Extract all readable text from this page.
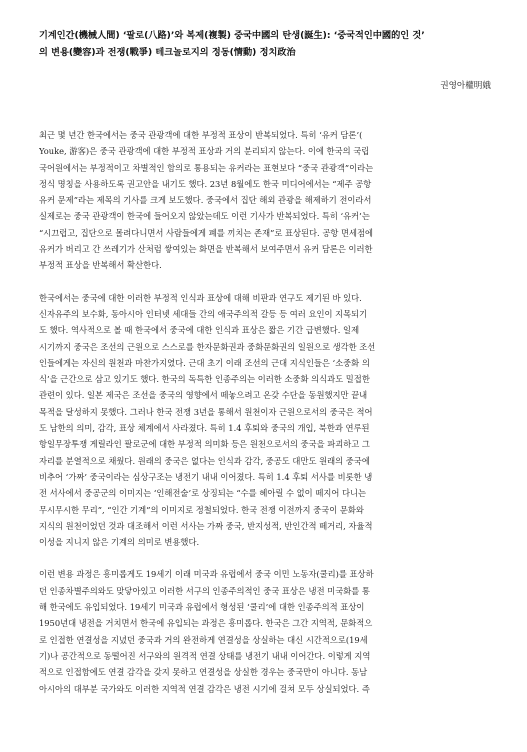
기계인간(機械人間) ‘팔로(八路)’와 복제(複製) 중국中國의 탄생(誕生): ‘중국적인中國的인 것’
의 변용(變容)과 전쟁(戰爭) 테크놀로지의 정동(情動) 정치政治
권영아權明娥

최근 몇 년간 한국에서는 중국 관광객에 대한 부정적 표상이 반복되었다. 특히 ‘유커 담론’(
Youke, 游客)은 중국 관광객에 대한 부정적 표상과 거의 분리되지 않는다. 이에 한국의 국립
국어원에서는 부정적이고 차별적인 함의로 통용되는 유커라는 표현보다 “중국 관광객”이라는
정식 명칭을 사용하도록 권고안을 내기도 했다. 23년 8월에도 한국 미디어에서는 “제주 공항
유커 문제”라는 제목의 기사를 크게 보도했다. 중국에서 집단 해외 관광을 해제하기 전이라서
실제로는 중국 관광객이 한국에 들어오지 않았는데도 이런 기사가 반복되었다. 특히 ‘유커’는
“시끄럽고, 집단으로 몰려다니면서 사람들에게 폐를 끼치는 존재”로 표상된다. 공항 면세점에
유커가 버리고 간 쓰레기가 산처럼 쌓여있는 화면을 반복해서 보여주면서 유커 담론은 이러한
부정적 표상을 반복해서 확산한다.

한국에서는 중국에 대한 이러한 부정적 인식과 표상에 대해 비판과 연구도 제기된 바 있다.
신자유주의 보수화, 동아시아 인터넷 세대들 간의 애국주의적 갈등 등 여러 요인이 지목되기
도 했다. 역사적으로 볼 때 한국에서 중국에 대한 인식과 표상은 짧은 기간 급변했다. 일제
시기까지 중국은 조선의 근원으로 스스로를 한자문화권과 중화문화권의 일원으로 생각한 조선
인들에게는 자신의 원천과 마찬가지였다. 근대 초기 이래 조선의 근대 지식인들은 ‘소중화 의
식’을 근간으로 삼고 있기도 했다. 한국의 독특한 인종주의는 이러한 소중화 의식과도 밀접한
관련이 있다. 일본 제국은 조선을 중국의 영향에서 떼놓으려고 온갖 수단을 동원했지만 끝내
목적을 달성하지 못했다. 그러나 한국 전쟁 3년을 통해서 원천이자 근원으로서의 중국은 적어
도 남한의 의미, 감각, 표상 체계에서 사라졌다. 특히 1.4 후퇴와 중국의 개입, 북한과 연루된
항일무장투쟁 게릴라인 팔로군에 대한 부정적 의미화 등은 원천으로서의 중국을 파괴하고 그
자리를 분열적으로 채웠다. 원래의 중국은 없다는 인식과 감각, 중공도 대만도 원래의 중국에
비추어 ‘가짜’ 중국이라는 심상구조는 냉전기 내내 이어졌다. 특히 1.4 후퇴 서사를 비롯한 냉
전 서사에서 중공군의 이미지는 ‘인해전술’로 상징되는 “수를 헤아릴 수 없이 떼지어 다니는
무시무시한 무리”, “인간 기계”의 이미지로 정철되었다. 한국 전쟁 이전까지 중국이 문화와
지식의 원천이었던 것과 대조해서 이런 서사는 가짜 중국, 반지성적, 반인간적 떼거리, 자율적
이성을 지니지 않은 기계의 의미로 변용했다.

이런 변용 과정은 흥미롭게도 19세기 이래 미국과 유럽에서 중국 이민 노동자(쿨리)를 표상하
던 인종차별주의와도 맞닿아있고 이러한 서구의 인종주의적인 중국 표상은 냉전 미국화를 통
해 한국에도 유입되었다. 19세기 미국과 유럽에서 형성된 ‘쿨리’에 대한 인종주의적 표상이
1950년대 냉전을 거치면서 한국에 유입되는 과정은 흥미롭다. 한국은 그간 지역적, 문화적으
로 인접한 연결성을 지녔던 중국과 거의 완전하게 연결성을 상실하는 대신 시간적으로(19세
기)나 공간적으로 동떨어진 서구와의 원격적 연결 상태를 냉전기 내내 이어간다. 이렇게 지역
적으로 인접함에도 연결 감각을 갖지 못하고 연결성을 상실한 경우는 중국만이 아니다. 동남
아시아의 대부분 국가와도 이러한 지역적 연결 감각은 냉전 시기에 걸쳐 모두 상실되었다. 즉
